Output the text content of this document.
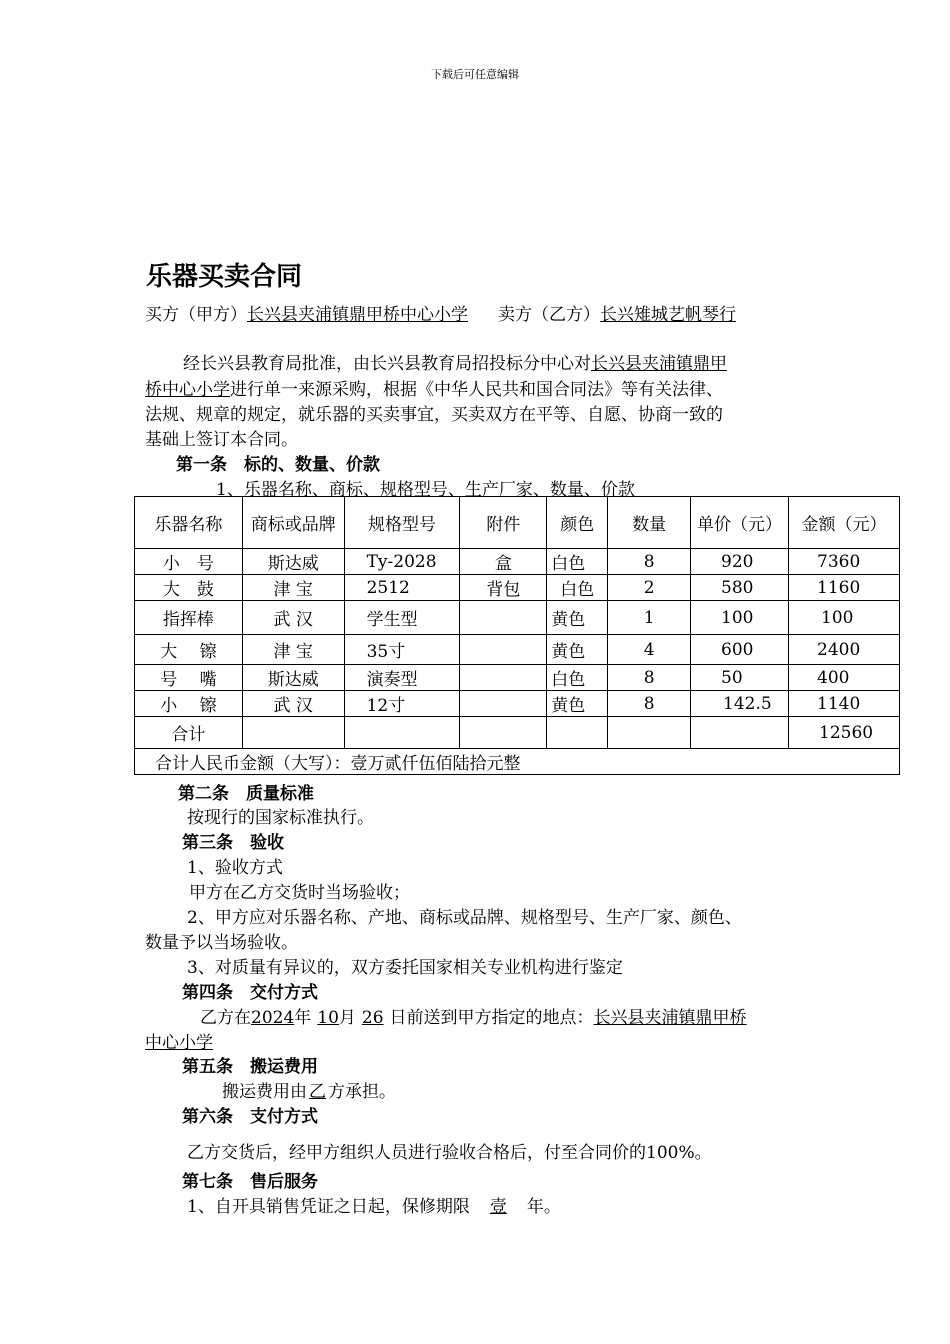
下载后可任意编辑
乐器买卖合同
买方（甲方）长兴县夹浦镇鼎甲桥中心小学 卖方（乙方）长兴雉城艺帆琴行
经长兴县教育局批准，由长兴县教育局招投标分中心对长兴县夹浦镇鼎甲
桥中心小学进行单一来源采购，根据《中华人民共和国合同法》等有关法律、
法规、规章的规定，就乐器的买卖事宜，买卖双方在平等、自愿、协商一致的
基础上签订本合同。
第一条　标的、数量、价款
1、乐器名称、商标、规格型号、生产厂家、数量、价款
乐器名称	商标或品牌	规格型号	附件	颜色	数量	单价（元）	金额（元）
小　号	斯达威	Ty-2028	盒	白色	8	920	7360
大　鼓	津 宝	2512	背包	白色	2	580	1160
指挥棒	武 汉	学生型		黄色	1	100	100
大　 镲	津 宝	35寸		黄色	4	600	2400
号　 嘴	斯达威	演奏型		白色	8	50	400
小　 镲	武 汉	12寸		黄色	8	142.5	1140
合计							12560
合计人民币金额（大写）：壹万贰仟伍佰陆拾元整							
第二条　质量标准
按现行的国家标准执行。
第三条　验收
1、验收方式
甲方在乙方交货时当场验收；
2、甲方应对乐器名称、产地、商标或品牌、规格型号、生产厂家、颜色、
数量予以当场验收。
3、对质量有异议的，双方委托国家相关专业机构进行鉴定
第四条　交付方式
乙方在2024年 10月 26 日前送到甲方指定的地点：长兴县夹浦镇鼎甲桥
中心小学
第五条　搬运费用
搬运费用由 乙 方承担。
第六条　支付方式
乙方交货后，经甲方组织人员进行验收合格后，付至合同价的100%。
第七条　售后服务
1、自开具销售凭证之日起，保修期限 壹 年。
